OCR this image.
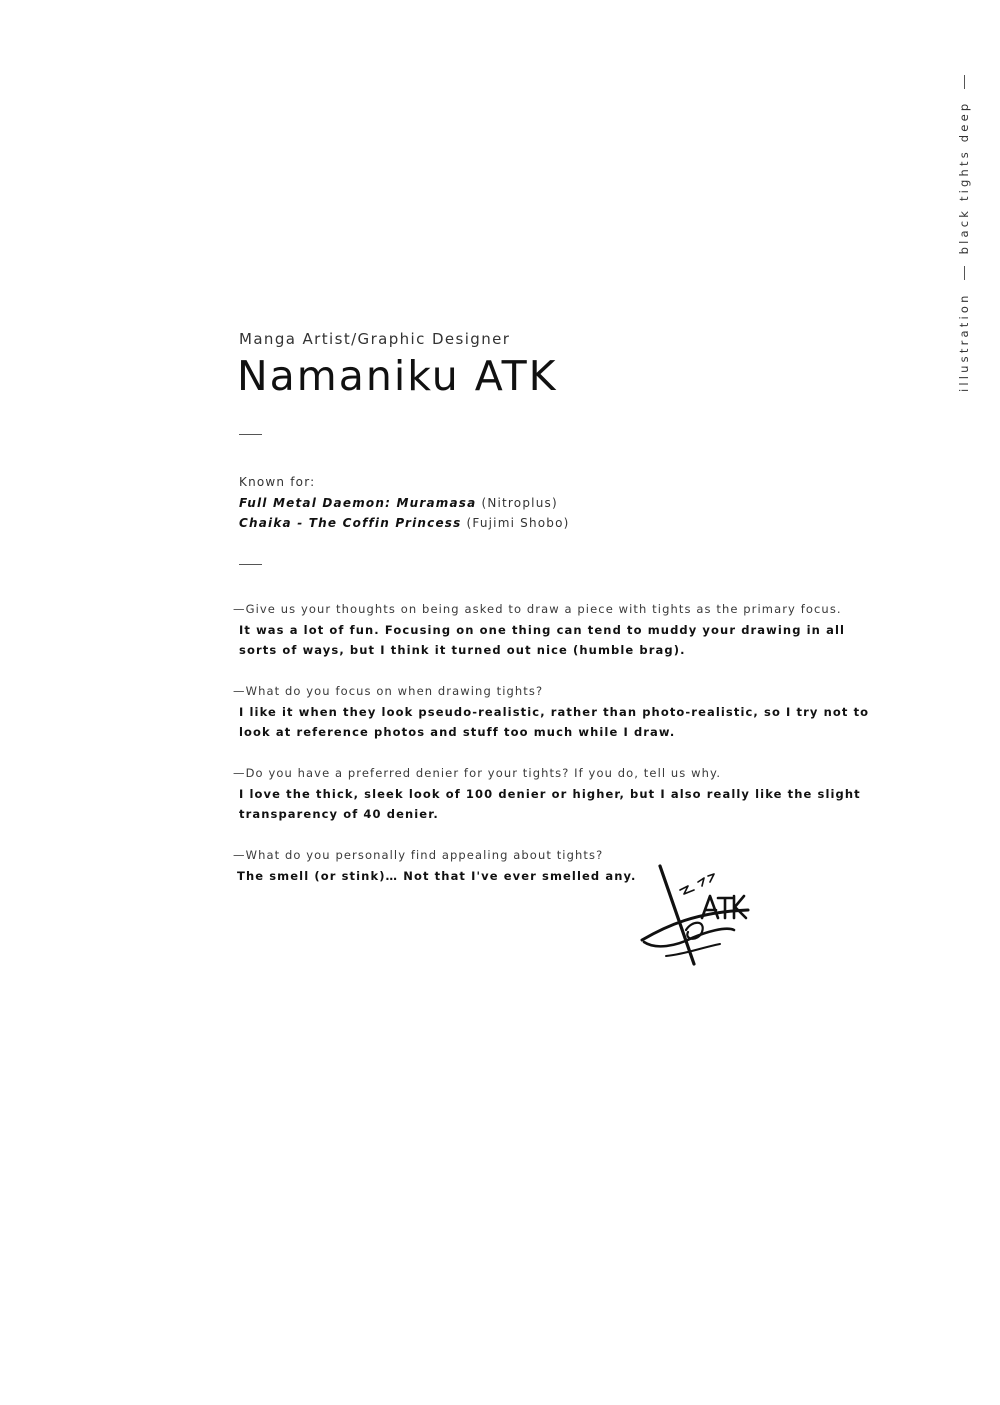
Manga Artist/Graphic Designer
Namaniku ATK
Known for:
Full Metal Daemon: Muramasa (Nitroplus)
Chaika - The Coffin Princess (Fujimi Shobo)
—Give us your thoughts on being asked to draw a piece with tights as the primary focus.
It was a lot of fun. Focusing on one thing can tend to muddy your drawing in all sorts of ways, but I think it turned out nice (humble brag).
—What do you focus on when drawing tights?
I like it when they look pseudo-realistic, rather than photo-realistic, so I try not to look at reference photos and stuff too much while I draw.
—Do you have a preferred denier for your tights? If you do, tell us why.
I love the thick, sleek look of 100 denier or higher, but I also really like the slight transparency of 40 denier.
—What do you personally find appealing about tights?
The smell (or stink)… Not that I've ever smelled any.
illustrationblack tights deep
